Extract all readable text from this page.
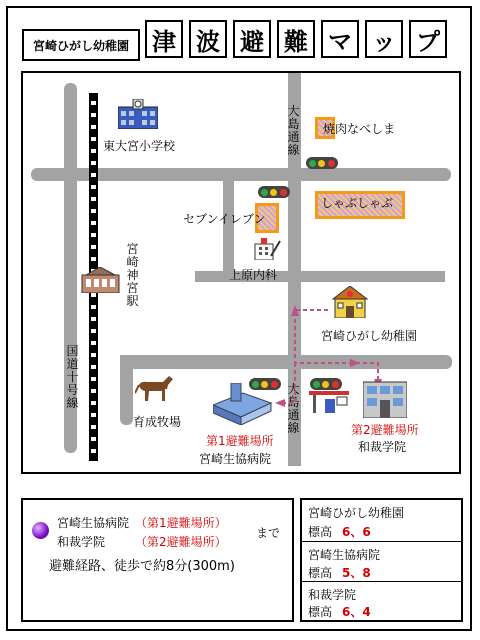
宮崎ひがし幼稚園 津 波 避 難 マ ッ プ
東大宮小学校
大島通線
大島通線
焼肉なべしま
しゃぶしゃぶ
セブンイレブン
宮崎神宮駅
上原内科
宮崎ひがし幼稚園
国道十号線
育成牧場
第1避難場所
宮崎生協病院
第2避難場所
和裁学院
宮崎生協病院 （第1避難場所）
和裁学院 （第2避難場所）
まで
避難経路、徒歩で約8分(300m)
宮崎ひがし幼稚園
標高 6、6
宮崎生協病院
標高 5、8
和裁学院
標高 6、4
